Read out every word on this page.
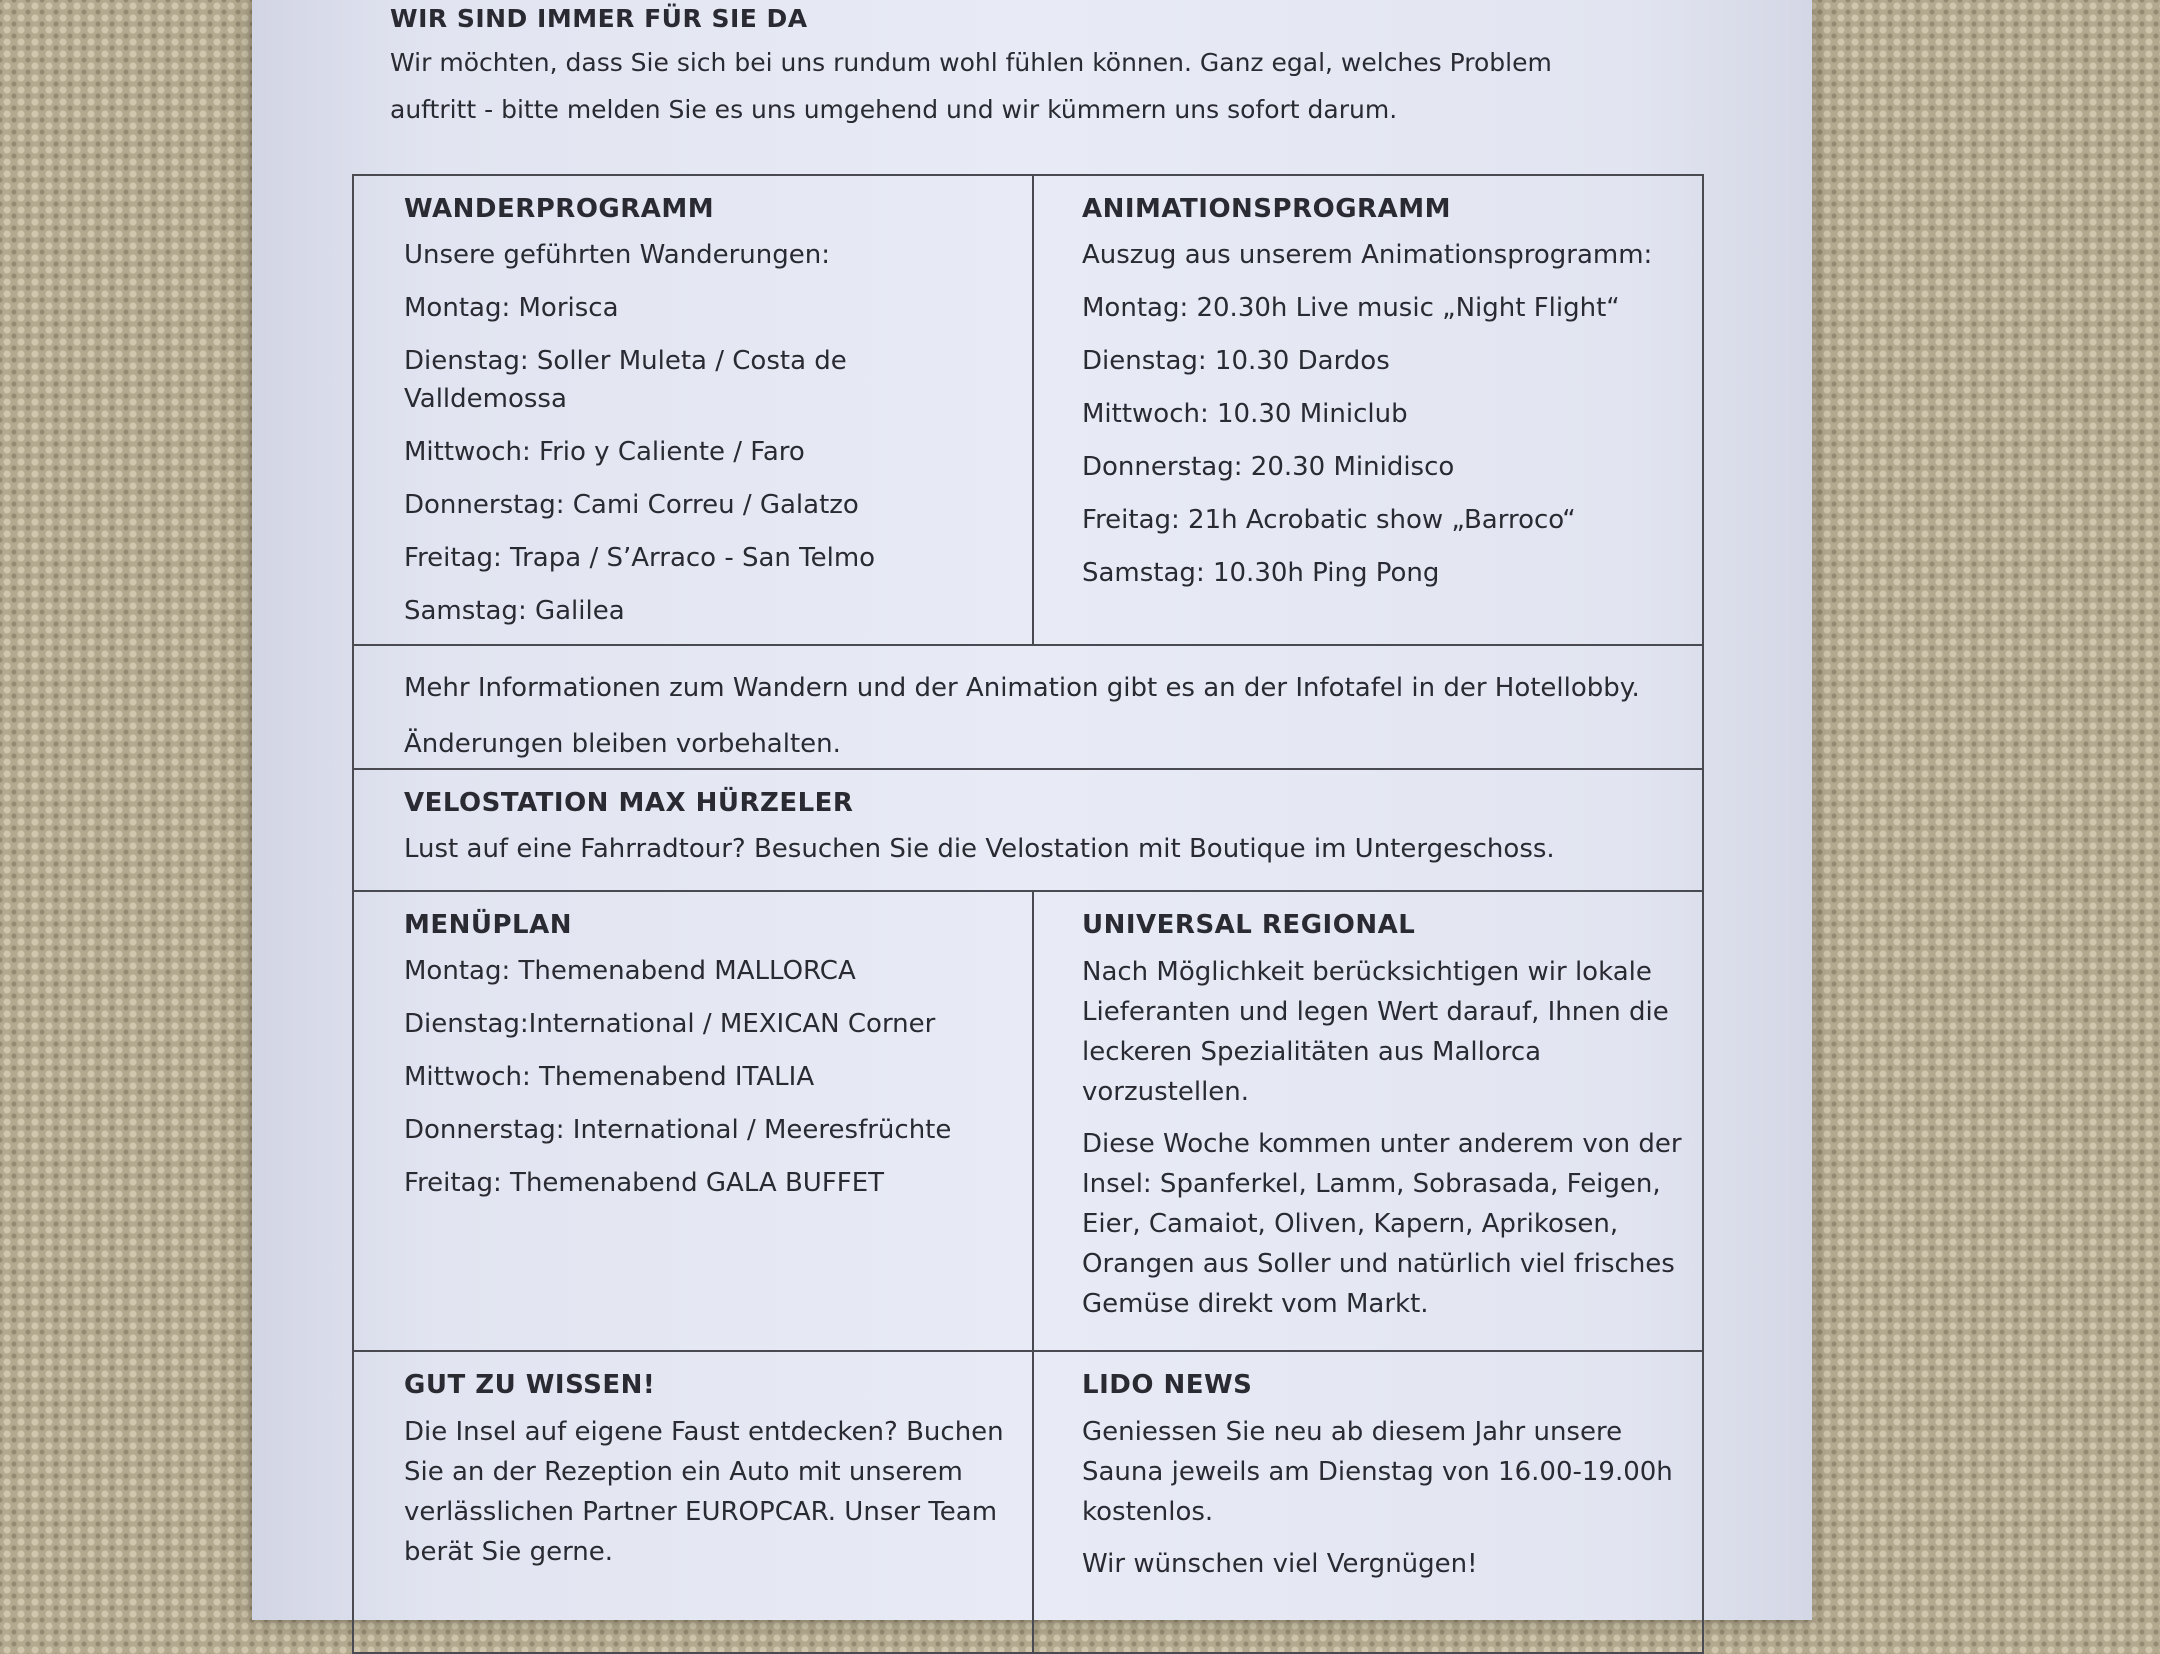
WIR SIND IMMER FÜR SIE DA

Wir möchten, dass Sie sich bei uns rundum wohl fühlen können. Ganz egal, welches Problem auftritt - bitte melden Sie es uns umgehend und wir kümmern uns sofort darum.

WANDERPROGRAMM

Unsere geführten Wanderungen:

Montag: Morisca

Dienstag: Soller Muleta / Costa de Valldemossa

Mittwoch: Frio y Caliente / Faro

Donnerstag: Cami Correu / Galatzo

Freitag: Trapa / S’Arraco - San Telmo

Samstag: Galilea

ANIMATIONSPROGRAMM

Auszug aus unserem Animationsprogramm:

Montag: 20.30h Live music „Night Flight“

Dienstag: 10.30 Dardos

Mittwoch: 10.30 Miniclub

Donnerstag: 20.30 Minidisco

Freitag: 21h Acrobatic show „Barroco“

Samstag: 10.30h Ping Pong

Mehr Informationen zum Wandern und der Animation gibt es an der Infotafel in der Hotellobby.

Änderungen bleiben vorbehalten.

VELOSTATION MAX HÜRZELER

Lust auf eine Fahrradtour? Besuchen Sie die Velostation mit Boutique im Untergeschoss.

MENÜPLAN

Montag: Themenabend MALLORCA

Dienstag:International / MEXICAN Corner

Mittwoch: Themenabend ITALIA

Donnerstag: International / Meeresfrüchte

Freitag: Themenabend GALA BUFFET

UNIVERSAL REGIONAL

Nach Möglichkeit berücksichtigen wir lokale Lieferanten und legen Wert darauf, Ihnen die leckeren Spezialitäten aus Mallorca vorzustellen.

Diese Woche kommen unter anderem von der Insel: Spanferkel, Lamm, Sobrasada, Feigen, Eier, Camaiot, Oliven, Kapern, Aprikosen, Orangen aus Soller und natürlich viel frisches Gemüse direkt vom Markt.

GUT ZU WISSEN!

Die Insel auf eigene Faust entdecken? Buchen Sie an der Rezeption ein Auto mit unserem verlässlichen Partner EUROPCAR. Unser Team berät Sie gerne.

LIDO NEWS

Geniessen Sie neu ab diesem Jahr unsere Sauna jeweils am Dienstag von 16.00-19.00h kostenlos.

Wir wünschen viel Vergnügen!
